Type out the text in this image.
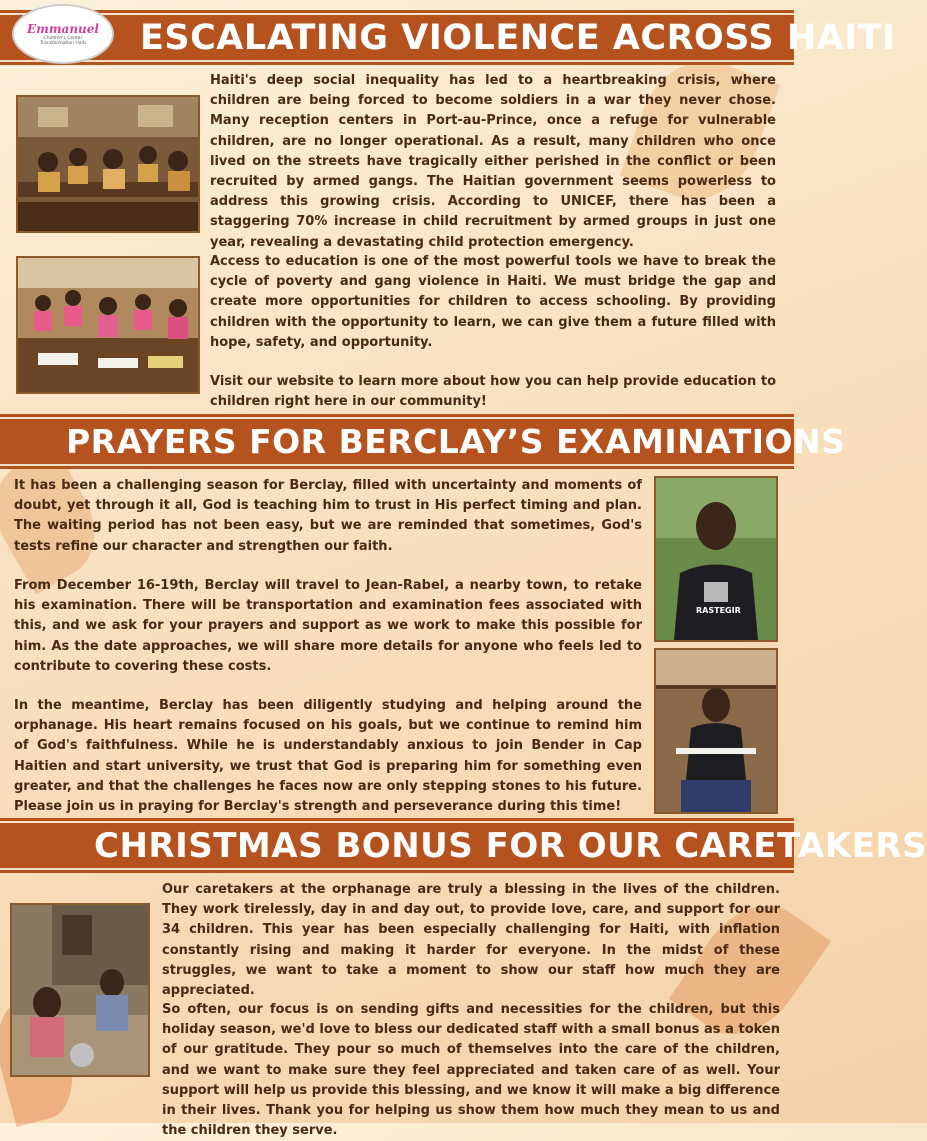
ESCALATING VIOLENCE ACROSS HAITI
Emmanuel
Children's Center
Transformation Haiti

Haiti's deep social inequality has led to a heartbreaking crisis, where children are being forced to become soldiers in a war they never chose. Many reception centers in Port-au-Prince, once a refuge for vulnerable children, are no longer operational. As a result, many children who once lived on the streets have tragically either perished in the conflict or been recruited by armed gangs. The Haitian government seems powerless to address this growing crisis. According to UNICEF, there has been a staggering 70% increase in child recruitment by armed groups in just one year, revealing a devastating child protection emergency.

Access to education is one of the most powerful tools we have to break the cycle of poverty and gang violence in Haiti. We must bridge the gap and create more opportunities for children to access schooling. By providing children with the opportunity to learn, we can give them a future filled with hope, safety, and opportunity.

Visit our website to learn more about how you can help provide education to children right here in our community!

PRAYERS FOR BERCLAY’S EXAMINATIONS

It has been a challenging season for Berclay, filled with uncertainty and moments of doubt, yet through it all, God is teaching him to trust in His perfect timing and plan. The waiting period has not been easy, but we are reminded that sometimes, God's tests refine our character and strengthen our faith.

From December 16-19th, Berclay will travel to Jean-Rabel, a nearby town, to retake his examination. There will be transportation and examination fees associated with this, and we ask for your prayers and support as we work to make this possible for him. As the date approaches, we will share more details for anyone who feels led to contribute to covering these costs.

In the meantime, Berclay has been diligently studying and helping around the orphanage. His heart remains focused on his goals, but we continue to remind him of God's faithfulness. While he is understandably anxious to join Bender in Cap Haitien and start university, we trust that God is preparing him for something even greater, and that the challenges he faces now are only stepping stones to his future. Please join us in praying for Berclay's strength and perseverance during this time!

RASTEGIR
CHRISTMAS BONUS FOR OUR CARETAKERS

Our caretakers at the orphanage are truly a blessing in the lives of the children. They work tirelessly, day in and day out, to provide love, care, and support for our 34 children. This year has been especially challenging for Haiti, with inflation constantly rising and making it harder for everyone. In the midst of these struggles, we want to take a moment to show our staff how much they are appreciated.

So often, our focus is on sending gifts and necessities for the children, but this holiday season, we'd love to bless our dedicated staff with a small bonus as a token of our gratitude. They pour so much of themselves into the care of the children, and we want to make sure they feel appreciated and taken care of as well. Your support will help us provide this blessing, and we know it will make a big difference in their lives. Thank you for helping us show them how much they mean to us and the children they serve.
